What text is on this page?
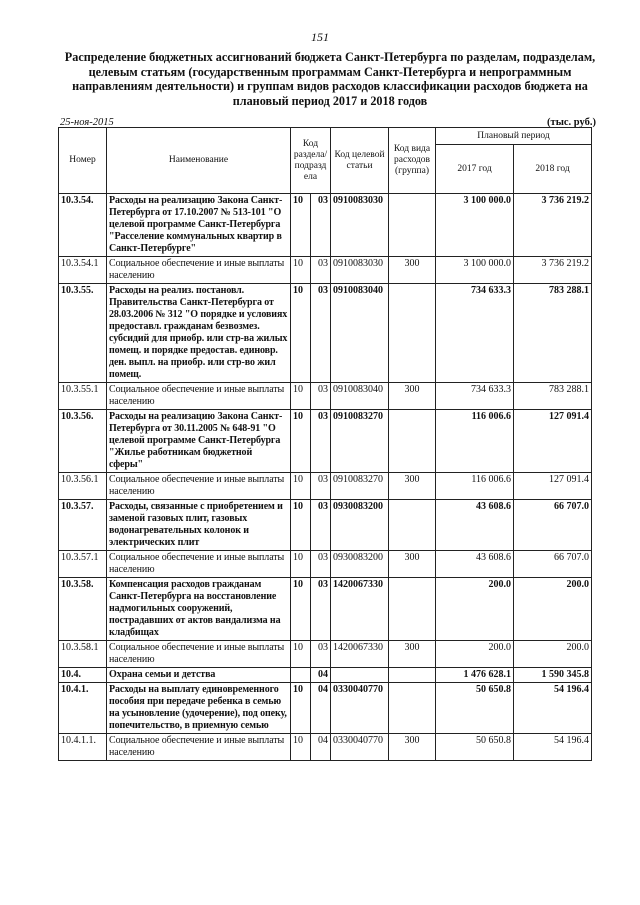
151
Распределение бюджетных ассигнований бюджета Санкт-Петербурга по разделам, подразделам, целевым статьям (государственным программам Санкт-Петербурга и непрограммным направлениям деятельности) и группам видов расходов классификации расходов бюджета на плановый период 2017 и 2018 годов
25-ноя-2015	(тыс. руб.)
Номер	Наименование	Код раздела/ подразд ела		Код целевой статьи	Код вида расходов (группа)	Плановый период	
						2017 год	2018 год
10.3.54.	Расходы на реализацию Закона Санкт-Петербурга от 17.10.2007 № 513-101 "О целевой программе Санкт-Петербурга "Расселение коммунальных квартир в Санкт-Петербурге"	10	03	0910083030		3 100 000.0	3 736 219.2
10.3.54.1	Социальное обеспечение и иные выплаты населению	10	03	0910083030	300	3 100 000.0	3 736 219.2
10.3.55.	Расходы на реализ. постановл. Правительства Санкт-Петербурга от 28.03.2006 № 312 "О порядке и условиях предоставл. гражданам безвозмез. субсидий для приобр. или стр-ва жилых помещ. и порядке предостав. единовр. ден. выпл. на приобр. или стр-во жил помещ.	10	03	0910083040		734 633.3	783 288.1
10.3.55.1	Социальное обеспечение и иные выплаты населению	10	03	0910083040	300	734 633.3	783 288.1
10.3.56.	Расходы на реализацию Закона Санкт-Петербурга от 30.11.2005 № 648-91 "О целевой программе Санкт-Петербурга "Жилье работникам бюджетной сферы"	10	03	0910083270		116 006.6	127 091.4
10.3.56.1	Социальное обеспечение и иные выплаты населению	10	03	0910083270	300	116 006.6	127 091.4
10.3.57.	Расходы, связанные с приобретением и заменой газовых плит, газовых водонагревательных колонок и электрических плит	10	03	0930083200		43 608.6	66 707.0
10.3.57.1	Социальное обеспечение и иные выплаты населению	10	03	0930083200	300	43 608.6	66 707.0
10.3.58.	Компенсация расходов гражданам Санкт-Петербурга на восстановление надмогильных сооружений, пострадавших от актов вандализма на кладбищах	10	03	1420067330		200.0	200.0
10.3.58.1	Социальное обеспечение и иные выплаты населению	10	03	1420067330	300	200.0	200.0
10.4.	Охрана семьи и детства		04			1 476 628.1	1 590 345.8
10.4.1.	Расходы на выплату единовременного пособия при передаче ребенка в семью на усыновление (удочерение), под опеку, попечительство, в приемную семью	10	04	0330040770		50 650.8	54 196.4
10.4.1.1.	Социальное обеспечение и иные выплаты населению	10	04	0330040770	300	50 650.8	54 196.4
